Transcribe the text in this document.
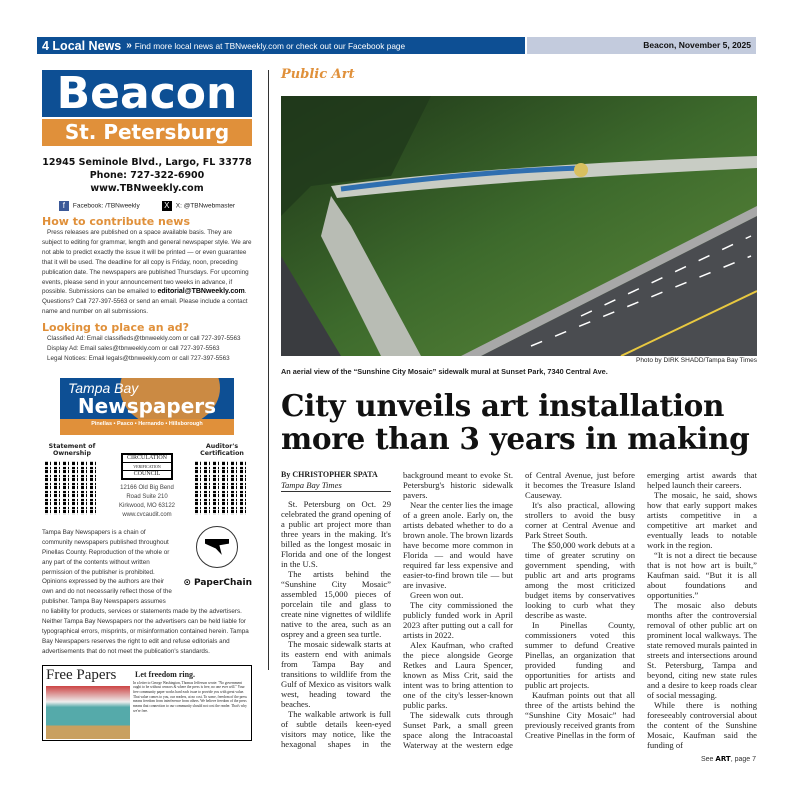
4 Local News » Find more local news at TBNweekly.com or check out our Facebook page	Beacon, November 5, 2025
Beacon
St. Petersburg
12945 Seminole Blvd., Largo, FL 33778
Phone: 727-322-6900
www.TBNweekly.com
f Facebook: /TBNweekly	X X: @TBNwebmaster
How to contribute news
Press releases are published on a space available basis. They are subject to editing for grammar, length and general newspaper style. We are not able to predict exactly the issue it will be printed — or even guarantee that it will be used. The deadline for all copy is Friday, noon, preceding publication date. The newspapers are published Thursdays. For upcoming events, please send in your announcement two weeks in advance, if possible. Submissions can be emailed to editorial@TBNweekly.com. Questions? Call 727-397-5563 or send an email. Please include a contact name and number on all submissions.
Looking to place an ad?
Classified Ad: Email classifieds@tbnweekly.com or call 727-397-5563
Display Ad: Email sales@tbnweekly.com or call 727-397-5563
Legal Notices: Email legals@tbnweekly.com or call 727-397-5563
Tampa Bay
Newspapers
Pinellas • Pasco • Hernando • Hillsborough
Statement of Ownership
CIRCULATION
VERIFICATION
COUNCIL
12166 Old Big Bend
Road Suite 210
Kirkwood, MO 63122
www.cvcaudit.com
Auditor's Certification
⊙ PaperChain
Tampa Bay Newspapers is a chain of community newspapers published throughout Pinellas County. Reproduction of the whole or any part of the contents without written permission of the publisher is prohibited. Opinions expressed by the authors are their own and do not necessarily reflect those of the publisher. Tampa Bay Newspapers assumes no liability for products, services or statements made by the advertisers. Neither Tampa Bay Newspapers nor the advertisers can be held liable for typographical errors, misprints, or misinformation contained herein. Tampa Bay Newspapers reserves the right to edit and refuse editorials and advertisements that do not meet the publication's standards.
Free Papers Let freedom ring.
In a letter to George Washington, Thomas Jefferson wrote: "No government ought to be without censors & where the press is free, no one ever will." Your free community paper works hard each issue to provide you with great value. That value comes to you, our readers, at no cost. To some, freedom of the press means freedom from interference from others. We believe freedom of the press means that connection to our community should not cost the reader. That's why we're free.
Public Art
Photo by DIRK SHADD/Tampa Bay Times
An aerial view of the “Sunshine City Mosaic” sidewalk mural at Sunset Park, 7340 Central Ave.
City unveils art installation more than 3 years in making
By CHRISTOPHER SPATA
Tampa Bay Times

St. Petersburg on Oct. 29 celebrated the grand opening of a public art project more than three years in the making. It's billed as the longest mosaic in Florida and one of the longest in the U.S.

The artists behind the “Sunshine City Mosaic” assembled 15,000 pieces of porcelain tile and glass to create nine vignettes of wildlife native to the area, such as an osprey and a green sea turtle.

The mosaic sidewalk starts at its eastern end with animals from Tampa Bay and transitions to wildlife from the Gulf of Mexico as visitors walk west, heading toward the beaches.

The walkable artwork is full of subtle details keen-eyed visitors may notice, like the hexagonal shapes in the background meant to evoke St. Petersburg's historic sidewalk pavers.

Near the center lies the image of a green anole. Early on, the artists debated whether to do a brown anole. The brown lizards have become more common in Florida — and would have required far less expensive and easier-to-find brown tile — but are invasive.

Green won out.

The city commissioned the publicly funded work in April 2023 after putting out a call for artists in 2022.

Alex Kaufman, who crafted the piece alongside George Retkes and Laura Spencer, known as Miss Crit, said the intent was to bring attention to one of the city's lesser-known public parks.

The sidewalk cuts through Sunset Park, a small green space along the Intracoastal Waterway at the western edge of Central Avenue, just before it becomes the Treasure Island Causeway.

It's also practical, allowing strollers to avoid the busy corner at Central Avenue and Park Street South.

The $50,000 work debuts at a time of greater scrutiny on government spending, with public art and arts programs among the most criticized budget items by conservatives looking to curb what they describe as waste.

In Pinellas County, commissioners voted this summer to defund Creative Pinellas, an organization that provided funding and opportunities for artists and public art projects.

Kaufman points out that all three of the artists behind the “Sunshine City Mosaic” had previously received grants from Creative Pinellas in the form of emerging artist awards that helped launch their careers.

The mosaic, he said, shows how that early support makes artists competitive in a competitive art market and eventually leads to notable work in the region.

“It is not a direct tie because that is not how art is built,” Kaufman said. “But it is all about foundations and opportunities.”

The mosaic also debuts months after the controversial removal of other public art on prominent local walkways. The state removed murals painted in streets and intersections around St. Petersburg, Tampa and beyond, citing new state rules and a desire to keep roads clear of social messaging.

While there is nothing foreseeably controversial about the content of the Sunshine Mosaic, Kaufman said the funding of

See ART, page 7
